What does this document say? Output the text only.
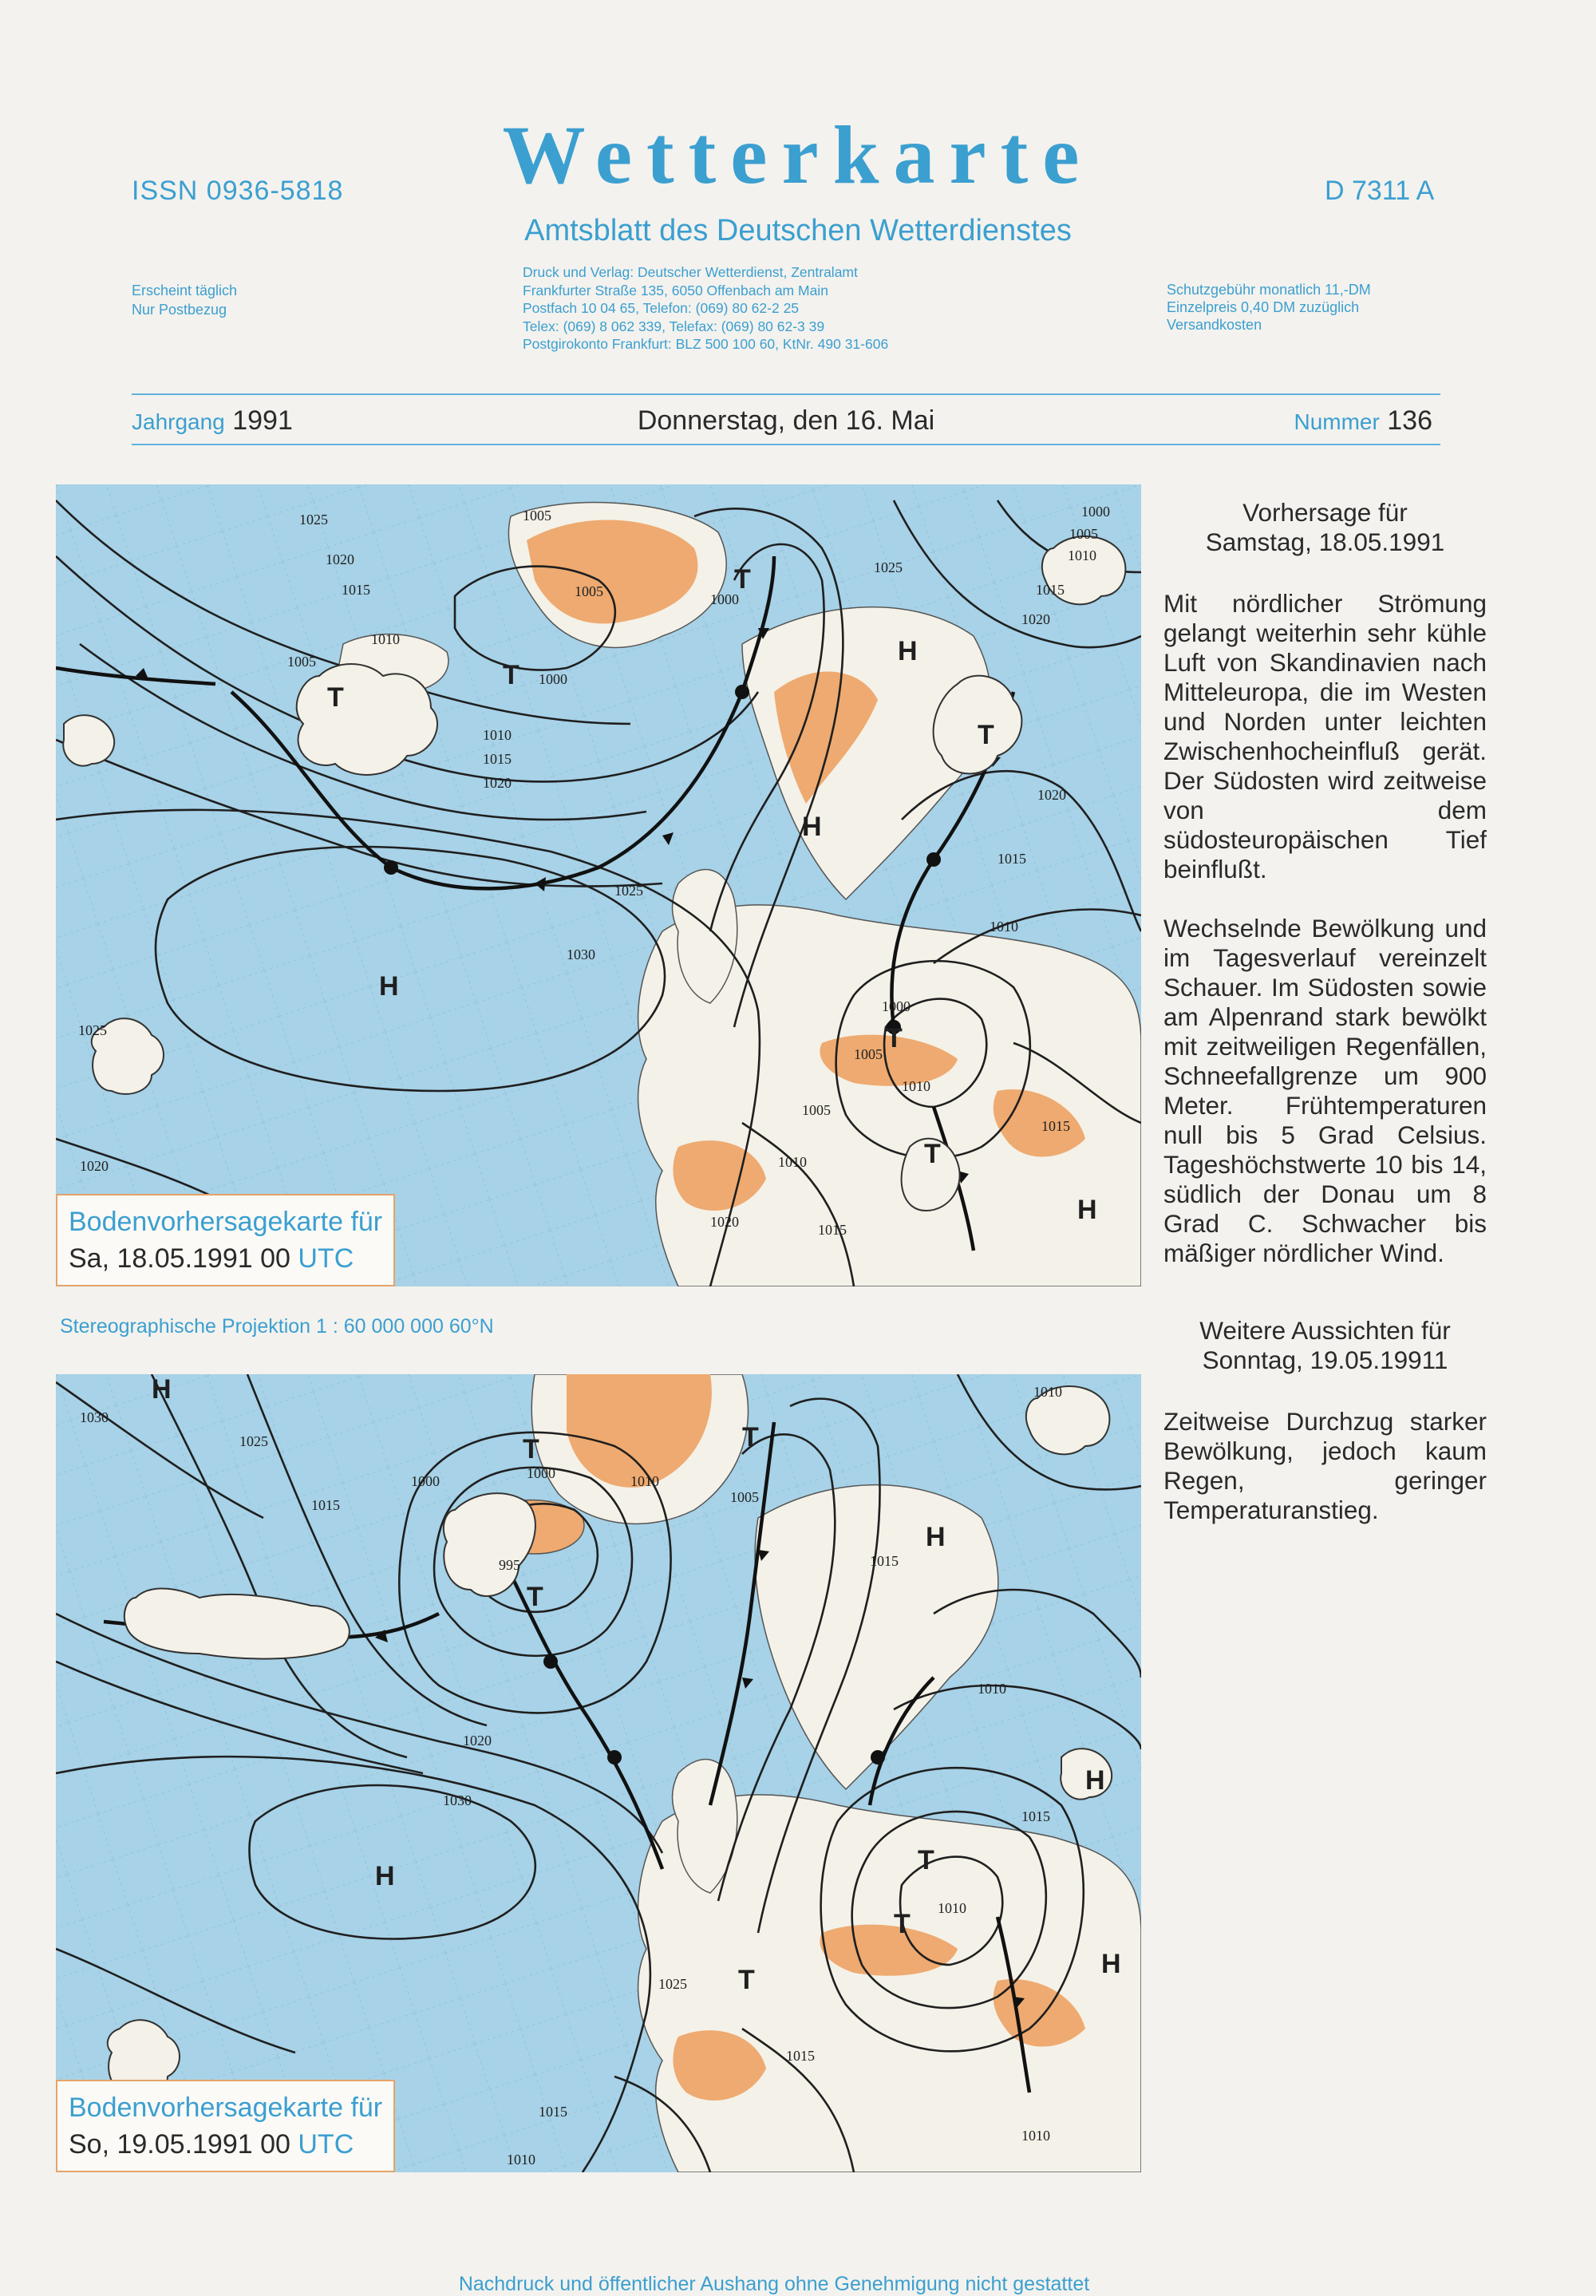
ISSN 0936-5818	Wetterkarte
Amtsblatt des Deutschen Wetterdienstes
D 7311 A
Erscheint täglich
Nur Postbezug
Druck und Verlag: Deutscher Wetterdienst, Zentralamt
Frankfurter Straße 135, 6050 Offenbach am Main
Postfach 10 04 65, Telefon: (069) 80 62-2 25
Telex: (069) 8 062 339, Telefax: (069) 80 62-3 39
Postgirokonto Frankfurt: BLZ 500 100 60, KtNr. 490 31-606
Schutzgebühr monatlich 11,-DM
Einzelpreis 0,40 DM zuzüglich
Versandkosten
Jahrgang 1991	Donnerstag, den 16. Mai	Nummer 136
1025
1020
1015
1010
1005
1005
1005
1000
1000
1025
1000
1005
1010
1015
1020
1010
1015
1020
1025
1030
1020
1015
1010
1025
1020
1015
1010
1005
1000
1005
1010
1015
1020
H
H
H
H
T
T
T
T
T
T
Bodenvorhersagekarte für
Sa, 18.05.1991 00 UTC
Stereographische Projektion 1 : 60 000 000 60°N
1030
1025
1015
1000	1000	1010
1005
1010
995
1020
1030
1015
1015
1010
1010
1025
1015
1015
1010
1010
H
H
H
H
H
T
T	T
T
T
T
Bodenvorhersagekarte für
So, 19.05.1991 00 UTC

Vorhersage für

Samstag, 18.05.1991

Mit nördlicher Strömung gelangt weiterhin sehr kühle Luft von Skandinavien nach Mitteleuropa, die im Westen und Norden unter leichten Zwischenhocheinfluß gerät. Der Südosten wird zeitweise von dem südosteuropäischen Tief beinflußt.

Wechselnde Bewölkung und im Tagesverlauf vereinzelt Schauer. Im Südosten sowie am Alpenrand stark bewölkt mit zeitweiligen Regenfällen, Schneefallgrenze um 900 Meter. Frühtemperaturen null bis 5 Grad Celsius. Tageshöchstwerte 10 bis 14, südlich der Donau um 8 Grad C. Schwacher bis mäßiger nördlicher Wind.

Weitere Aussichten für

Sonntag, 19.05.19911

Zeitweise Durchzug starker Bewölkung, jedoch kaum Regen, geringer Temperaturanstieg.

Nachdruck und öffentlicher Aushang ohne Genehmigung nicht gestattet
